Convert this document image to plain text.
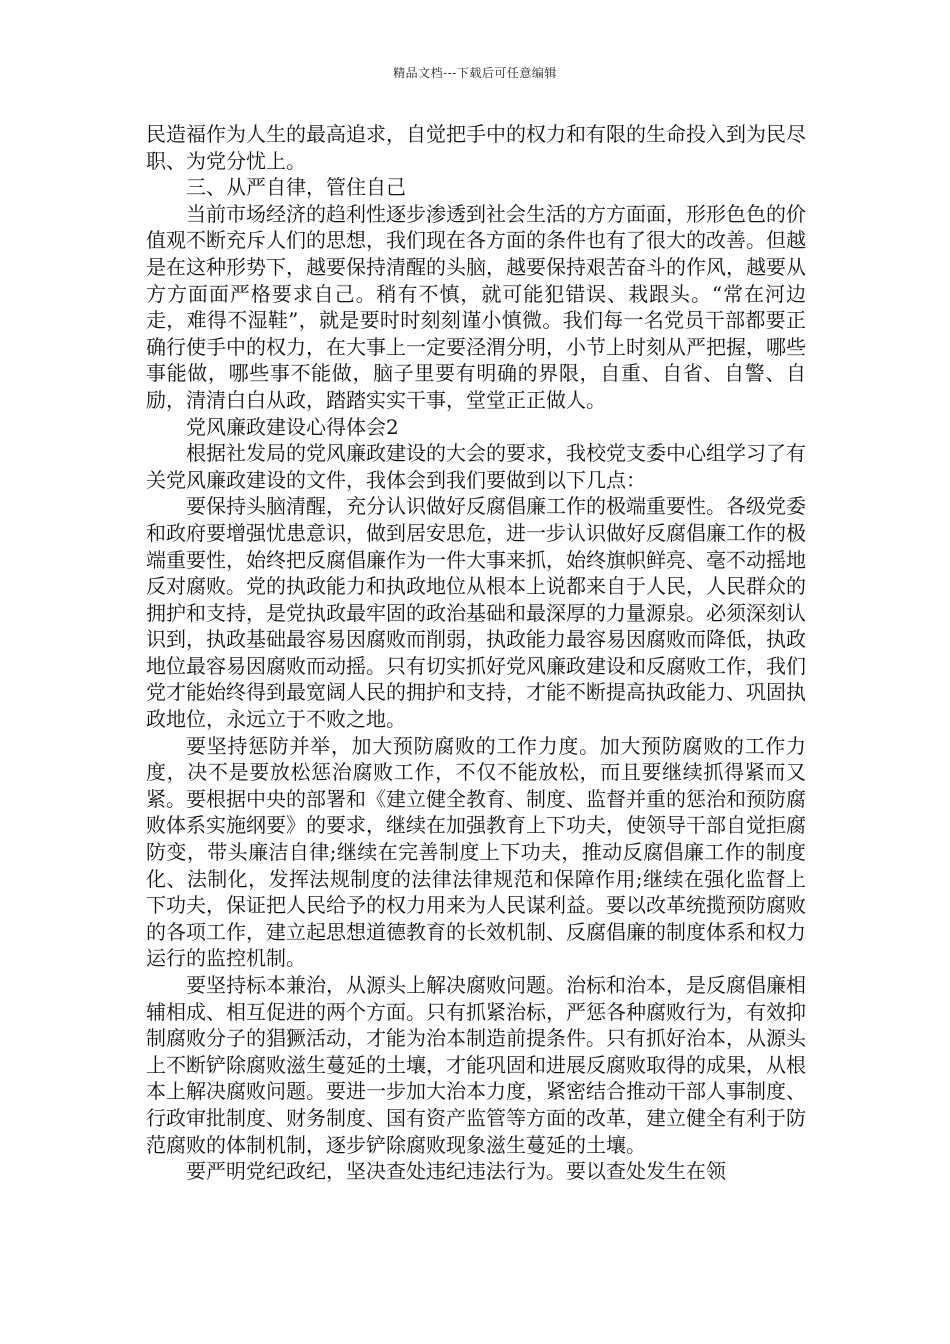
精品文档---下载后可任意编辑

民造福作为人生的最高追求，自觉把手中的权力和有限的生命投入到为民尽职、为党分忧上。

三、从严自律，管住自己

当前市场经济的趋利性逐步渗透到社会生活的方方面面，形形色色的价值观不断充斥人们的思想，我们现在各方面的条件也有了很大的改善。但越是在这种形势下，越要保持清醒的头脑，越要保持艰苦奋斗的作风，越要从方方面面严格要求自己。稍有不慎，就可能犯错误、栽跟头。“常在河边走，难得不湿鞋”，就是要时时刻刻谨小慎微。我们每一名党员干部都要正确行使手中的权力，在大事上一定要泾渭分明，小节上时刻从严把握，哪些事能做，哪些事不能做，脑子里要有明确的界限，自重、自省、自警、自励，清清白白从政，踏踏实实干事，堂堂正正做人。

党风廉政建设心得体会2

根据社发局的党风廉政建设的大会的要求，我校党支委中心组学习了有关党风廉政建设的文件，我体会到我们要做到以下几点：

要保持头脑清醒，充分认识做好反腐倡廉工作的极端重要性。各级党委和政府要增强忧患意识，做到居安思危，进一步认识做好反腐倡廉工作的极端重要性，始终把反腐倡廉作为一件大事来抓，始终旗帜鲜亮、毫不动摇地反对腐败。党的执政能力和执政地位从根本上说都来自于人民，人民群众的拥护和支持，是党执政最牢固的政治基础和最深厚的力量源泉。必须深刻认识到，执政基础最容易因腐败而削弱，执政能力最容易因腐败而降低，执政地位最容易因腐败而动摇。只有切实抓好党风廉政建设和反腐败工作，我们党才能始终得到最宽阔人民的拥护和支持，才能不断提高执政能力、巩固执政地位，永远立于不败之地。

要坚持惩防并举，加大预防腐败的工作力度。加大预防腐败的工作力度，决不是要放松惩治腐败工作，不仅不能放松，而且要继续抓得紧而又紧。要根据中央的部署和《建立健全教育、制度、监督并重的惩治和预防腐败体系实施纲要》的要求，继续在加强教育上下功夫，使领导干部自觉拒腐防变，带头廉洁自律;继续在完善制度上下功夫，推动反腐倡廉工作的制度化、法制化，发挥法规制度的法律法律规范和保障作用;继续在强化监督上下功夫，保证把人民给予的权力用来为人民谋利益。要以改革统揽预防腐败的各项工作，建立起思想道德教育的长效机制、反腐倡廉的制度体系和权力运行的监控机制。

要坚持标本兼治，从源头上解决腐败问题。治标和治本，是反腐倡廉相辅相成、相互促进的两个方面。只有抓紧治标，严惩各种腐败行为，有效抑制腐败分子的猖獗活动，才能为治本制造前提条件。只有抓好治本，从源头上不断铲除腐败滋生蔓延的土壤，才能巩固和进展反腐败取得的成果，从根本上解决腐败问题。要进一步加大治本力度，紧密结合推动干部人事制度、行政审批制度、财务制度、国有资产监管等方面的改革，建立健全有利于防范腐败的体制机制，逐步铲除腐败现象滋生蔓延的土壤。

要严明党纪政纪，坚决查处违纪违法行为。要以查处发生在领
